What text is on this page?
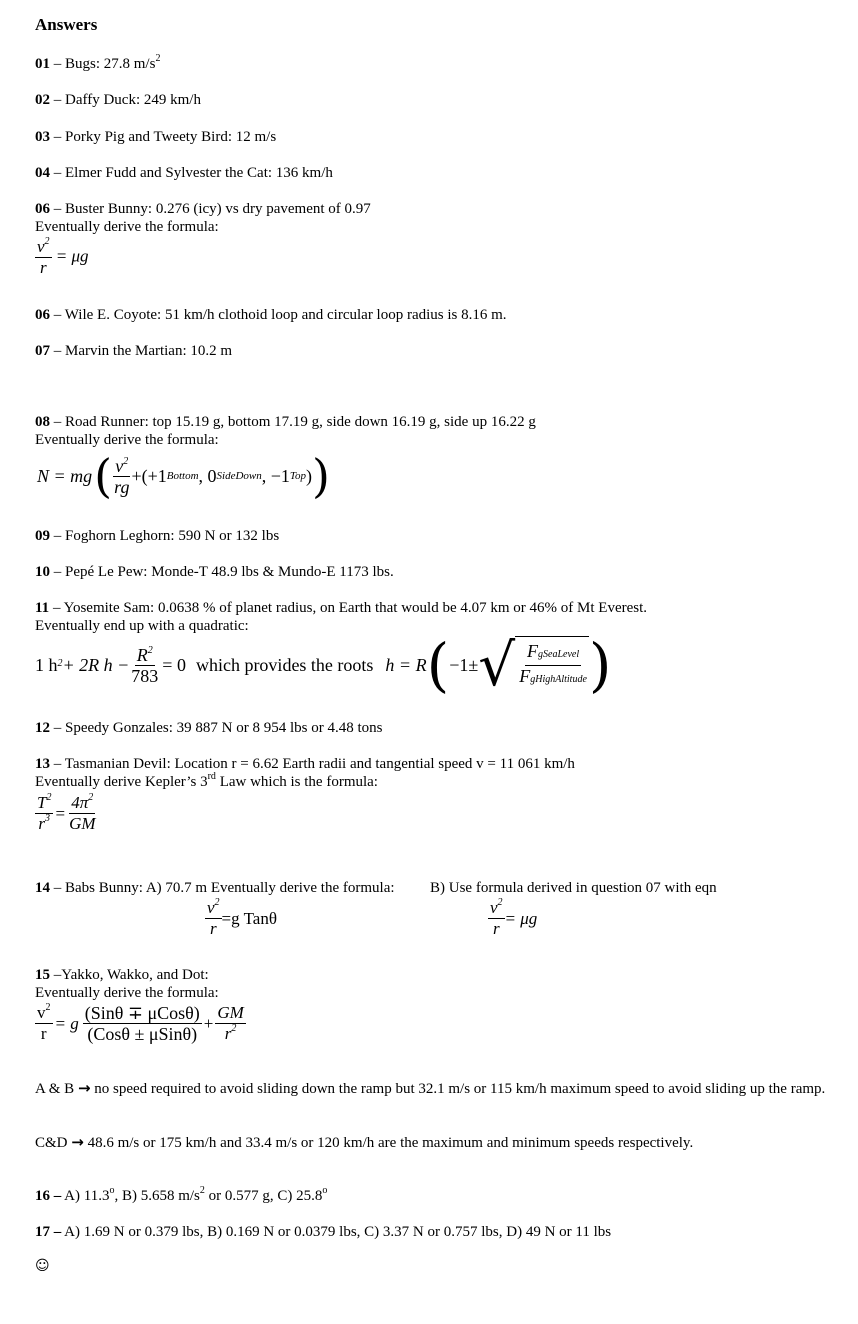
Answers
01 – Bugs: 27.8 $m/s^2$
02 – Daffy Duck: 249 km/h
03 – Porky Pig and Tweety Bird: 12 m/s
04 – Elmer Fudd and Sylvester the Cat: 136 km/h
06 – Buster Bunny: 0.276 (icy) vs dry pavement of 0.97
Eventually derive the formula:
$\frac{v^2}{r} = \mu g$
06 – Wile E. Coyote: 51 km/h clothoid loop and circular loop radius is 8.16 m.
07 – Marvin the Martian: 10.2 m
08 – Road Runner: top 15.19 g, bottom 17.19 g, side down 16.19 g, side up 16.22 g
Eventually derive the formula:
N = mg ( $\frac{v^2}{rg} +(+1$ Bottom , 0 SideDown , −1 Top ) )
09 – Foghorn Leghorn: 590 N or 132 lbs
10 – Pepé Le Pew: Monde-T 48.9 lbs & Mundo-E 1173 lbs.
11 – Yosemite Sam: 0.0638 % of planet radius, on Earth that would be 4.07 km or 46% of Mt Everest.
Eventually end up with a quadratic:
1 $h^2 + 2R$ $h - \frac{R^2}{783} = 0$ which provides the roots h = R ( −1± √ $\frac{\text{FgSeaLevel}}{\text{FgHighAltitude}}$ )
12 – Speedy Gonzales: 39 887 N or 8 954 lbs or 4.48 tons
13 – Tasmanian Devil: Location r = 6.62 Earth radii and tangential speed v = 11 061 km/h
Eventually derive Kepler’s 3rd Law which is the formula:
$\frac{T^2}{r^3} = \frac{4\pi^2}{GM}$
14 – Babs Bunny: A) 70.7 m Eventually derive the formula: B) Use formula derived in question 07 with eqn
$\frac{v^2}{r} =g$ Tanθ	$\frac{v^2}{r} = \mu g$
15 –Yakko, Wakko, and Dot:
Eventually derive the formula:
$\frac{v^2}{r} = g \frac{\text{(Sinθ ∓ μCosθ)}}{\text{(Cosθ ± μSinθ)}} + \frac{GM}{r^2}$
A & B → no speed required to avoid sliding down the ramp but 32.1 m/s or 115 km/h maximum speed to avoid sliding up the ramp.
C&D → 48.6 m/s or 175 km/h and 33.4 m/s or 120 km/h are the maximum and minimum speeds respectively.
16 – A) 11.3$^o$, B) 5.658 $m/s^2$ or 0.577 g, C) 25.8$^o$
17 – A) 1.69 N or 0.379 lbs, B) 0.169 N or 0.0379 lbs, C) 3.37 N or 0.757 lbs, D) 49 N or 11 lbs
☺
